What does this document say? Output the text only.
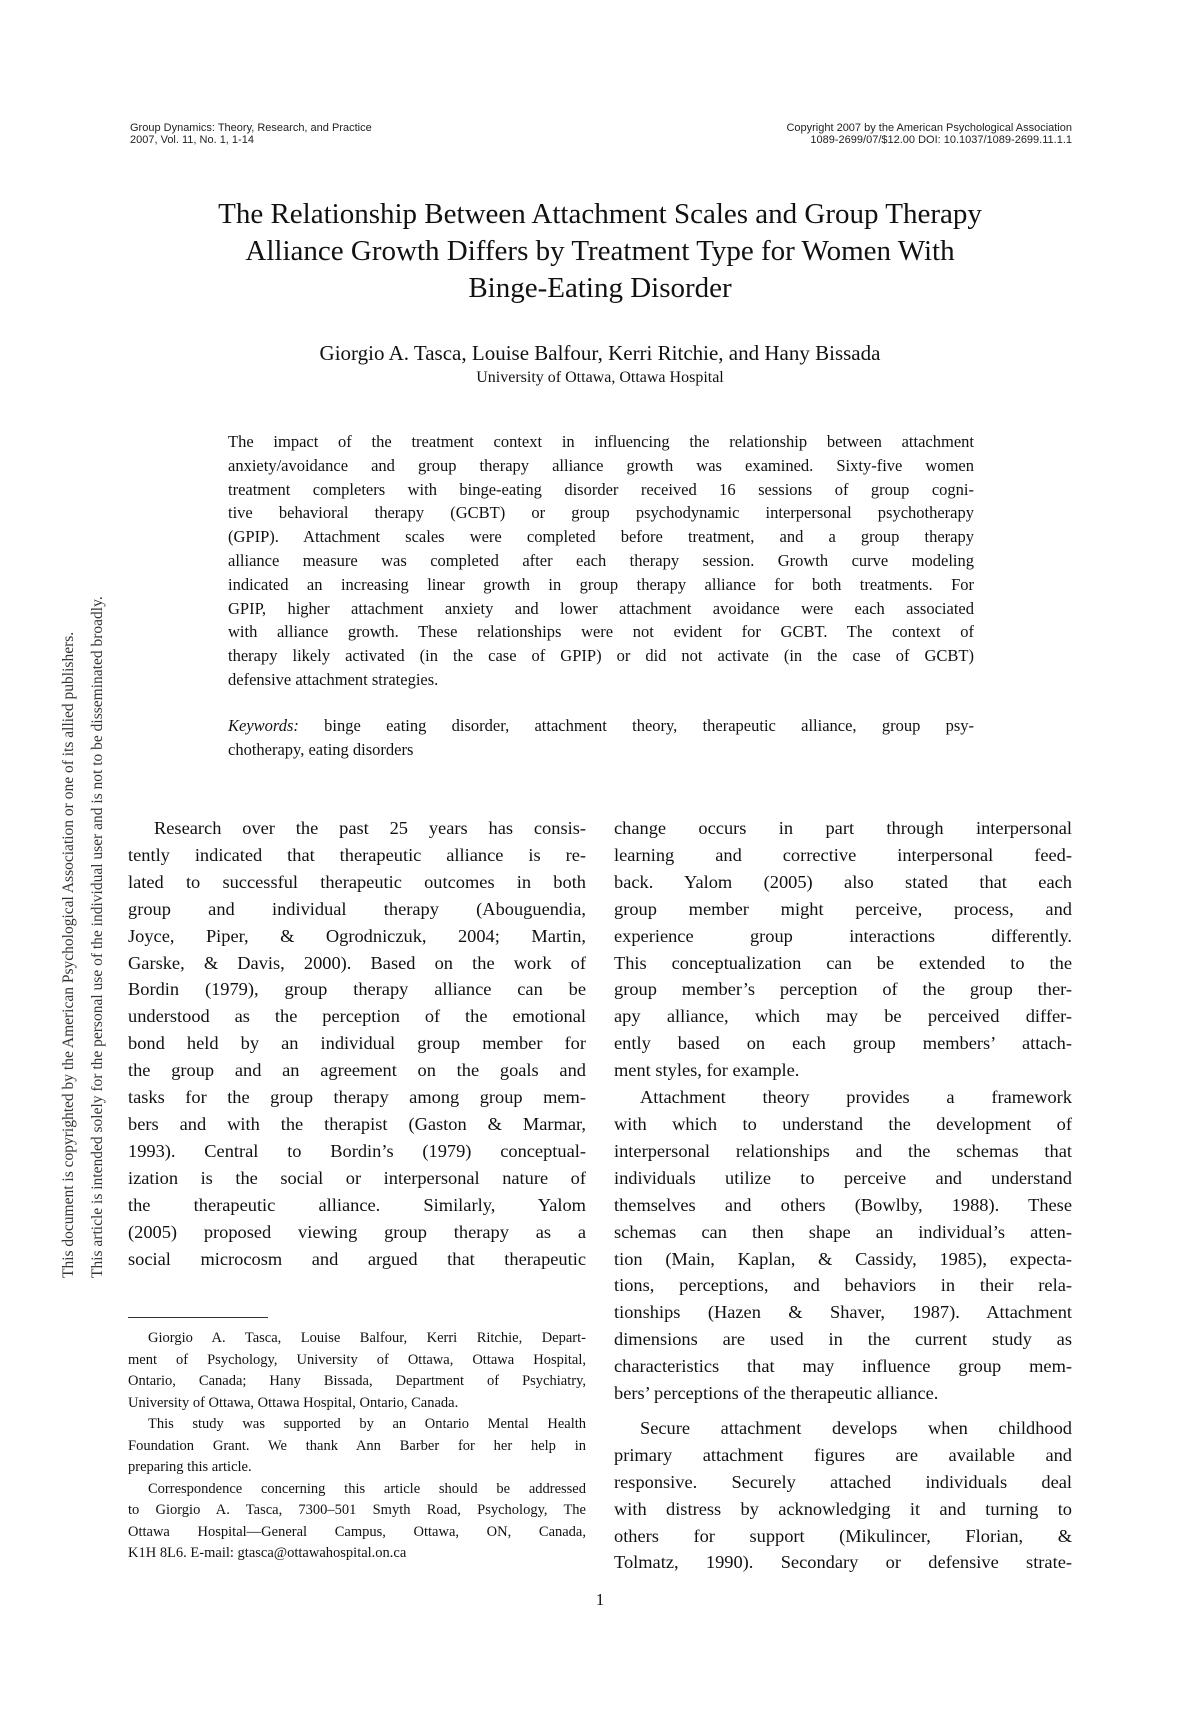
Group Dynamics: Theory, Research, and Practice
2007, Vol. 11, No. 1, 1-14
Copyright 2007 by the American Psychological Association
1089-2699/07/$12.00 DOI: 10.1037/1089-2699.11.1.1
The Relationship Between Attachment Scales and Group Therapy
Alliance Growth Differs by Treatment Type for Women With
Binge-Eating Disorder
Giorgio A. Tasca, Louise Balfour, Kerri Ritchie, and Hany Bissada
University of Ottawa, Ottawa Hospital
The impact of the treatment context in influencing the relationship between attachment
anxiety/avoidance and group therapy alliance growth was examined. Sixty-five women
treatment completers with binge-eating disorder received 16 sessions of group cogni-
tive behavioral therapy (GCBT) or group psychodynamic interpersonal psychotherapy
(GPIP). Attachment scales were completed before treatment, and a group therapy
alliance measure was completed after each therapy session. Growth curve modeling
indicated an increasing linear growth in group therapy alliance for both treatments. For
GPIP, higher attachment anxiety and lower attachment avoidance were each associated
with alliance growth. These relationships were not evident for GCBT. The context of
therapy likely activated (in the case of GPIP) or did not activate (in the case of GCBT)
defensive attachment strategies.
Keywords: binge eating disorder, attachment theory, therapeutic alliance, group psy-
chotherapy, eating disorders
Research over the past 25 years has consis-
tently indicated that therapeutic alliance is re-
lated to successful therapeutic outcomes in both
group and individual therapy (Abouguendia,
Joyce, Piper, & Ogrodniczuk, 2004; Martin,
Garske, & Davis, 2000). Based on the work of
Bordin (1979), group therapy alliance can be
understood as the perception of the emotional
bond held by an individual group member for
the group and an agreement on the goals and
tasks for the group therapy among group mem-
bers and with the therapist (Gaston & Marmar,
1993). Central to Bordin’s (1979) conceptual-
ization is the social or interpersonal nature of
the therapeutic alliance. Similarly, Yalom
(2005) proposed viewing group therapy as a
social microcosm and argued that therapeutic
change occurs in part through interpersonal
learning and corrective interpersonal feed-
back. Yalom (2005) also stated that each
group member might perceive, process, and
experience group interactions differently.
This conceptualization can be extended to the
group member’s perception of the group ther-
apy alliance, which may be perceived differ-
ently based on each group members’ attach-
ment styles, for example.
Attachment theory provides a framework
with which to understand the development of
interpersonal relationships and the schemas that
individuals utilize to perceive and understand
themselves and others (Bowlby, 1988). These
schemas can then shape an individual’s atten-
tion (Main, Kaplan, & Cassidy, 1985), expecta-
tions, perceptions, and behaviors in their rela-
tionships (Hazen & Shaver, 1987). Attachment
dimensions are used in the current study as
characteristics that may influence group mem-
bers’ perceptions of the therapeutic alliance.
Secure attachment develops when childhood
primary attachment figures are available and
responsive. Securely attached individuals deal
with distress by acknowledging it and turning to
others for support (Mikulincer, Florian, &
Tolmatz, 1990). Secondary or defensive strate-
Giorgio A. Tasca, Louise Balfour, Kerri Ritchie, Depart-
ment of Psychology, University of Ottawa, Ottawa Hospital,
Ontario, Canada; Hany Bissada, Department of Psychiatry,
University of Ottawa, Ottawa Hospital, Ontario, Canada.
This study was supported by an Ontario Mental Health
Foundation Grant. We thank Ann Barber for her help in
preparing this article.
Correspondence concerning this article should be addressed
to Giorgio A. Tasca, 7300–501 Smyth Road, Psychology, The
Ottawa Hospital—General Campus, Ottawa, ON, Canada,
K1H 8L6. E-mail: gtasca@ottawahospital.on.ca
1
This document is copyrighted by the American Psychological Association or one of its allied publishers. This article is intended solely for the personal use of the individual user and is not to be disseminated broadly.
